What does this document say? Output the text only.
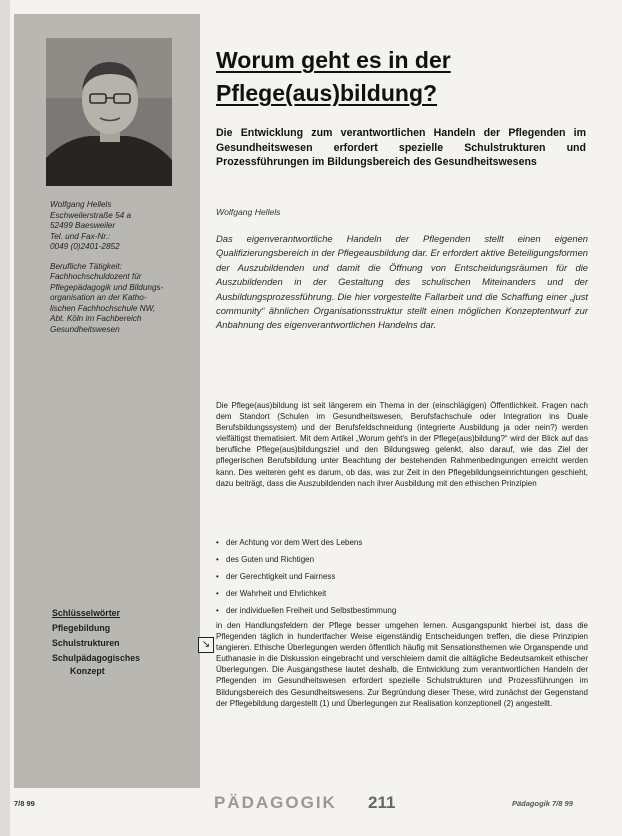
Wolfgang Hellels

Eschweilerstraße 54 a

52499 Baesweiler

Tel. und Fax-Nr.:

0049 (0)2401-2852

Berufliche Tätigkeit:

Fachhochschuldozent für

Pflegepädagogik und Bildungs-

organisation an der Katho-

lischen Fachhochschule NW,

Abt. Köln im Fachbereich

Gesundheitswesen

Schlüsselwörter
Pflegebildung
Schulstrukturen
Schulpädagogisches
Konzept
↘
Worum geht es in der
Pflege(aus)bildung?
Die Entwicklung zum verantwortlichen Handeln der Pflegenden im Gesundheitswesen erfordert spezielle Schulstrukturen und Prozessführungen im Bildungsbereich des Gesundheitswesens
Wolfgang Hellels
Das eigenverantwortliche Handeln der Pflegenden stellt einen eigenen Qualifizierungsbereich in der Pflegeausbildung dar. Er erfordert aktive Beteiligungsformen der Auszubildenden und damit die Öffnung von Entscheidungsräumen für die Auszubildenden in der Gestaltung des schulischen Miteinanders und der Ausbildungsprozessführung. Die hier vorgestellte Fallarbeit und die Schaffung einer „just community“ ähnlichen Organisationsstruktur stellt einen möglichen Konzeptentwurf zur Anbahnung des eigenverantwortlichen Handelns dar.
Die Pflege(aus)bildung ist seit längerem ein Thema in der (einschlägigen) Öffentlichkeit. Fragen nach dem Standort (Schulen im Gesundheitswesen, Berufsfachschule oder Integration ins Duale Berufsbildungssystem) und der Berufsfeldschneidung (integrierte Ausbildung ja oder nein?) werden vielfältigst thematisiert. Mit dem Artikel „Worum geht's in der Pflege(aus)bildung?“ wird der Blick auf das berufliche Pflege(aus)bildungsziel und den Bildungsweg gelenkt, also darauf, wie das Ziel der pflegerischen Berufsbildung unter Beachtung der bestehenden Rahmenbedingungen erreicht werden kann. Des weiteren geht es darum, ob das, was zur Zeit in den Pflegebildungseinrichtungen geschieht, dazu beiträgt, dass die Auszubildenden nach ihrer Ausbildung mit den ethischen Prinzipien
• der Achtung vor dem Wert des Lebens
• des Guten und Richtigen
• der Gerechtigkeit und Fairness
• der Wahrheit und Ehrlichkeit
• der individuellen Freiheit und Selbstbestimmung
in den Handlungsfeldern der Pflege besser umgehen lernen. Ausgangspunkt hierbei ist, dass die Pflegenden täglich in hundertfacher Weise eigenständig Entscheidungen treffen, die diese Prinzipien tangieren. Ethische Überlegungen werden öffentlich häufig mit Sensationsthemen wie Organspende und Euthanasie in die Diskussion eingebracht und verschleiern damit die alltägliche Bedeutsamkeit ethischer Überlegungen. Die Ausgangsthese lautet deshalb, die Entwicklung zum verantwortlichen Handeln der Pflegenden im Gesundheitswesen erfordert spezielle Schulstrukturen und Prozessführungen im Bildungsbereich des Gesundheitswesens. Zur Begründung dieser These, wird zunächst der Gegenstand der Pflegebildung dargestellt (1) und Überlegungen zur Realisation konzeptionell (2) angestellt.
7/8 99	PÄDAGOGIK 211	Pädagogik 7/8 99
